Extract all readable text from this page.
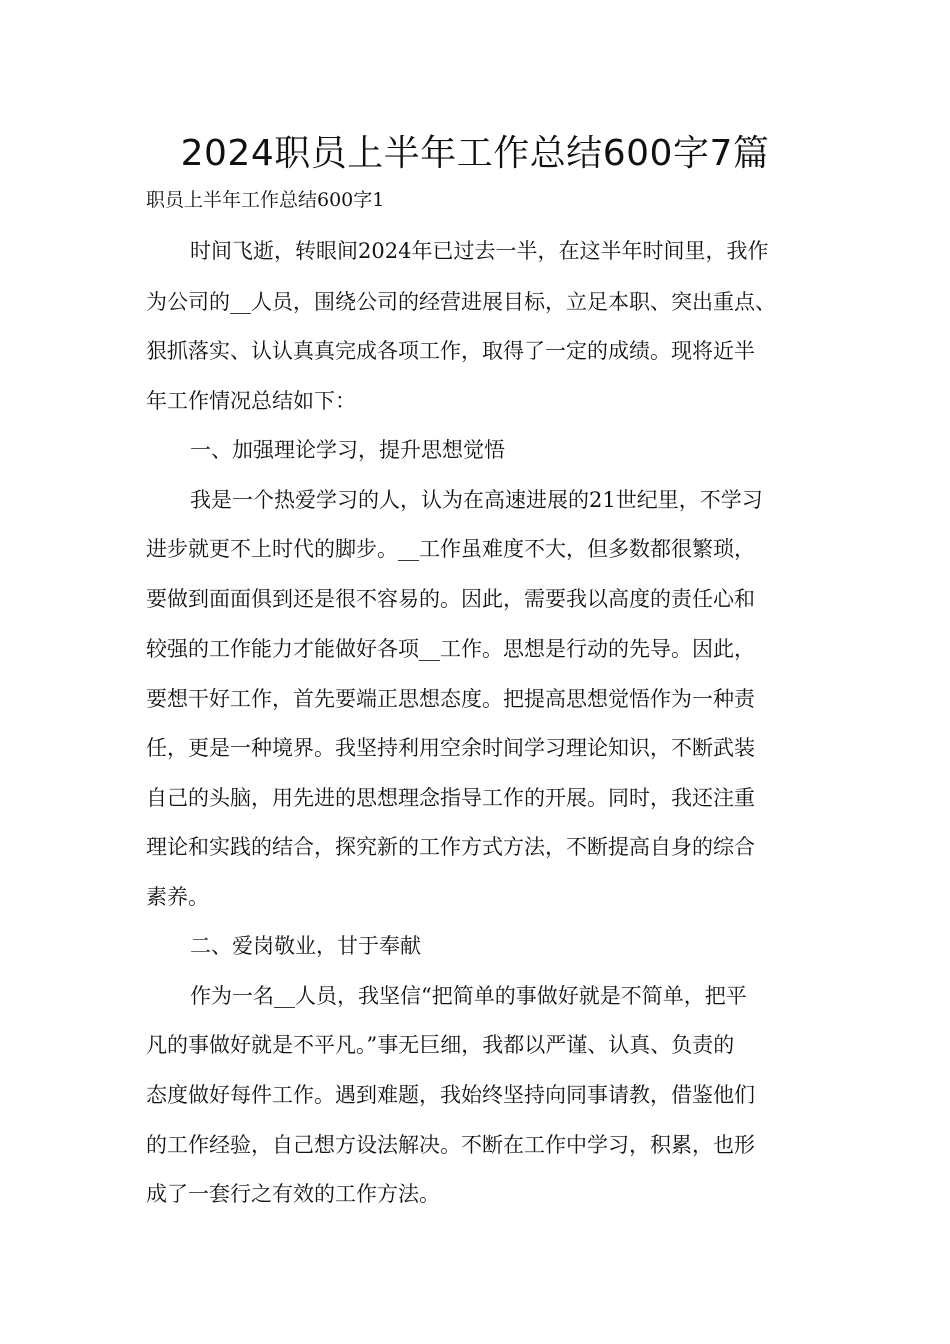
2024职员上半年工作总结600字7篇

职员上半年工作总结600字1

时间飞逝，转眼间2024年已过去一半，在这半年时间里，我作

为公司的__人员，围绕公司的经营进展目标，立足本职、突出重点、

狠抓落实、认认真真完成各项工作，取得了一定的成绩。现将近半

年工作情况总结如下：

一、加强理论学习，提升思想觉悟

我是一个热爱学习的人，认为在高速进展的21世纪里，不学习

进步就更不上时代的脚步。__工作虽难度不大，但多数都很繁琐，

要做到面面俱到还是很不容易的。因此，需要我以高度的责任心和

较强的工作能力才能做好各项__工作。思想是行动的先导。因此，

要想干好工作，首先要端正思想态度。把提高思想觉悟作为一种责

任，更是一种境界。我坚持利用空余时间学习理论知识，不断武装

自己的头脑，用先进的思想理念指导工作的开展。同时，我还注重

理论和实践的结合，探究新的工作方式方法，不断提高自身的综合

素养。

二、爱岗敬业，甘于奉献

作为一名__人员，我坚信“把简单的事做好就是不简单，把平

凡的事做好就是不平凡。”事无巨细，我都以严谨、认真、负责的

态度做好每件工作。遇到难题，我始终坚持向同事请教，借鉴他们

的工作经验，自己想方设法解决。不断在工作中学习，积累，也形

成了一套行之有效的工作方法。
